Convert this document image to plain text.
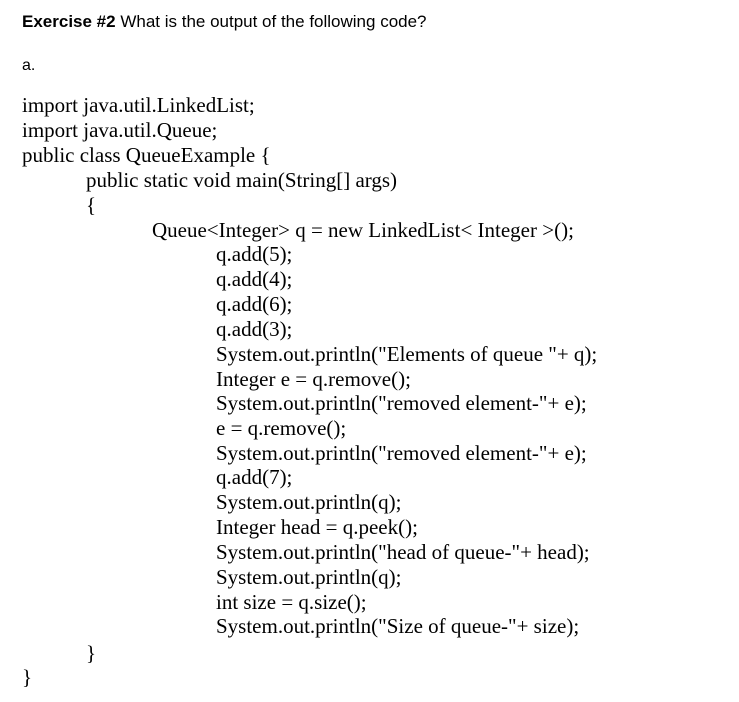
Exercise #2 What is the output of the following code?
a.
import java.util.LinkedList;
import java.util.Queue;
public class QueueExample {
public static void main(String[] args)
{
Queue<Integer> q = new LinkedList< Integer >();
q.add(5);
q.add(4);
q.add(6);
q.add(3);
System.out.println("Elements of queue "+ q);
Integer e = q.remove();
System.out.println("removed element-"+ e);
e = q.remove();
System.out.println("removed element-"+ e);
q.add(7);
System.out.println(q);
Integer head = q.peek();
System.out.println("head of queue-"+ head);
System.out.println(q);
int size = q.size();
System.out.println("Size of queue-"+ size);
}
}
